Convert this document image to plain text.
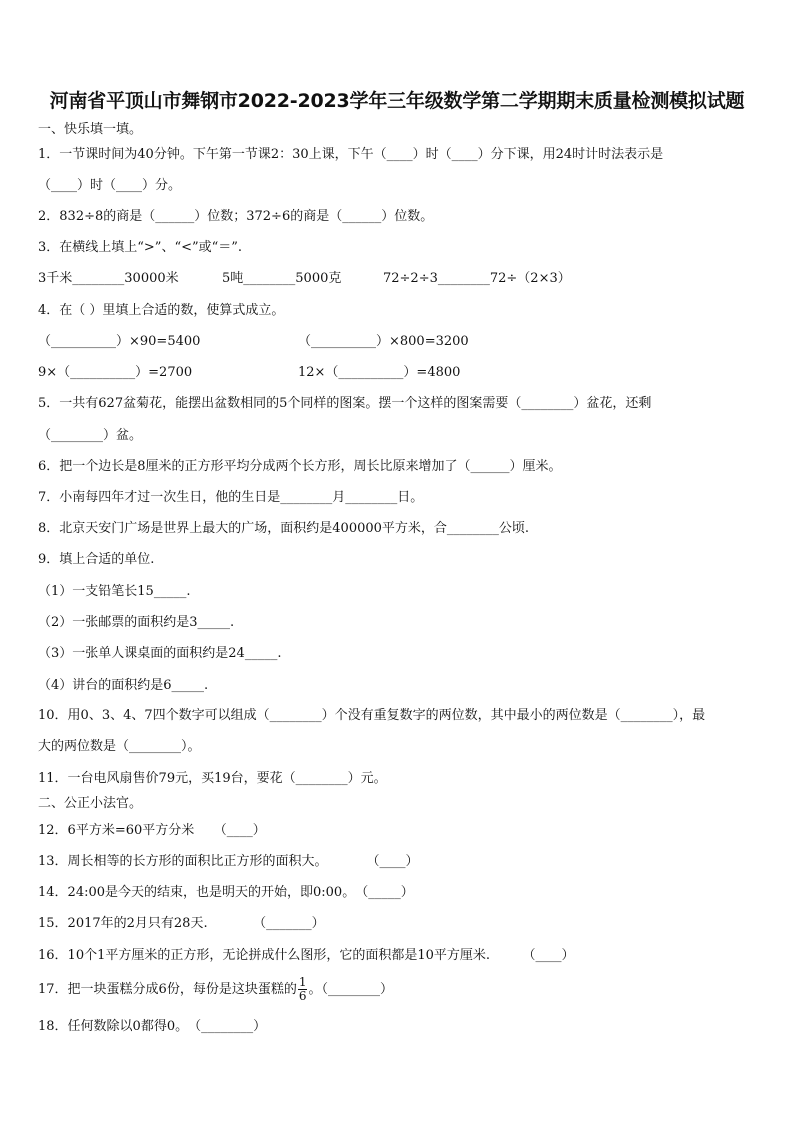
河南省平顶山市舞钢市2022-2023学年三年级数学第二学期期末质量检测模拟试题
一、快乐填一填。
1．一节课时间为40分钟。下午第一节课2：30上课，下午（____）时（____）分下课，用24时计时法表示是
（____）时（____）分。
2．832÷8的商是（______）位数；372÷6的商是（______）位数。
3．在横线上填上“>”、“<”或“＝”.
3千米________30000米	5吨________5000克	72÷2÷3________72÷（2×3）
4．在（ ）里填上合适的数，使算式成立。
（__________）×90=5400	（__________）×800=3200
9×（__________）=2700	12×（__________）=4800
5．一共有627盆菊花，能摆出盆数相同的5个同样的图案。摆一个这样的图案需要（________）盆花，还剩
（________）盆。
6．把一个边长是8厘米的正方形平均分成两个长方形，周长比原来增加了（______）厘米。
7．小南每四年才过一次生日，他的生日是________月________日。
8．北京天安门广场是世界上最大的广场，面积约是400000平方米，合________公顷.
9．填上合适的单位.
（1）一支铅笔长15_____.
（2）一张邮票的面积约是3_____.
（3）一张单人课桌面的面积约是24_____.
（4）讲台的面积约是6_____.
10．用0、3、4、7四个数字可以组成（________）个没有重复数字的两位数，其中最小的两位数是（________），最
大的两位数是（________）。
11．一台电风扇售价79元，买19台，要花（________）元。
二、公正小法官。
12．6平方米=60平方分米　　（____）
13．周长相等的长方形的面积比正方形的面积大。　　　　（____）
14．24:00是今天的结束，也是明天的开始，即0:00。　（_____）
15．2017年的2月只有28天.　　　　（_______）
16．10个1平方厘米的正方形，无论拼成什么图形，它的面积都是10平方厘米.　　　（____）
17．把一块蛋糕分成6份，每份是这块蛋糕的 $\frac{1}{6}$ 。（________）
18．任何数除以0都得0。　（________）
